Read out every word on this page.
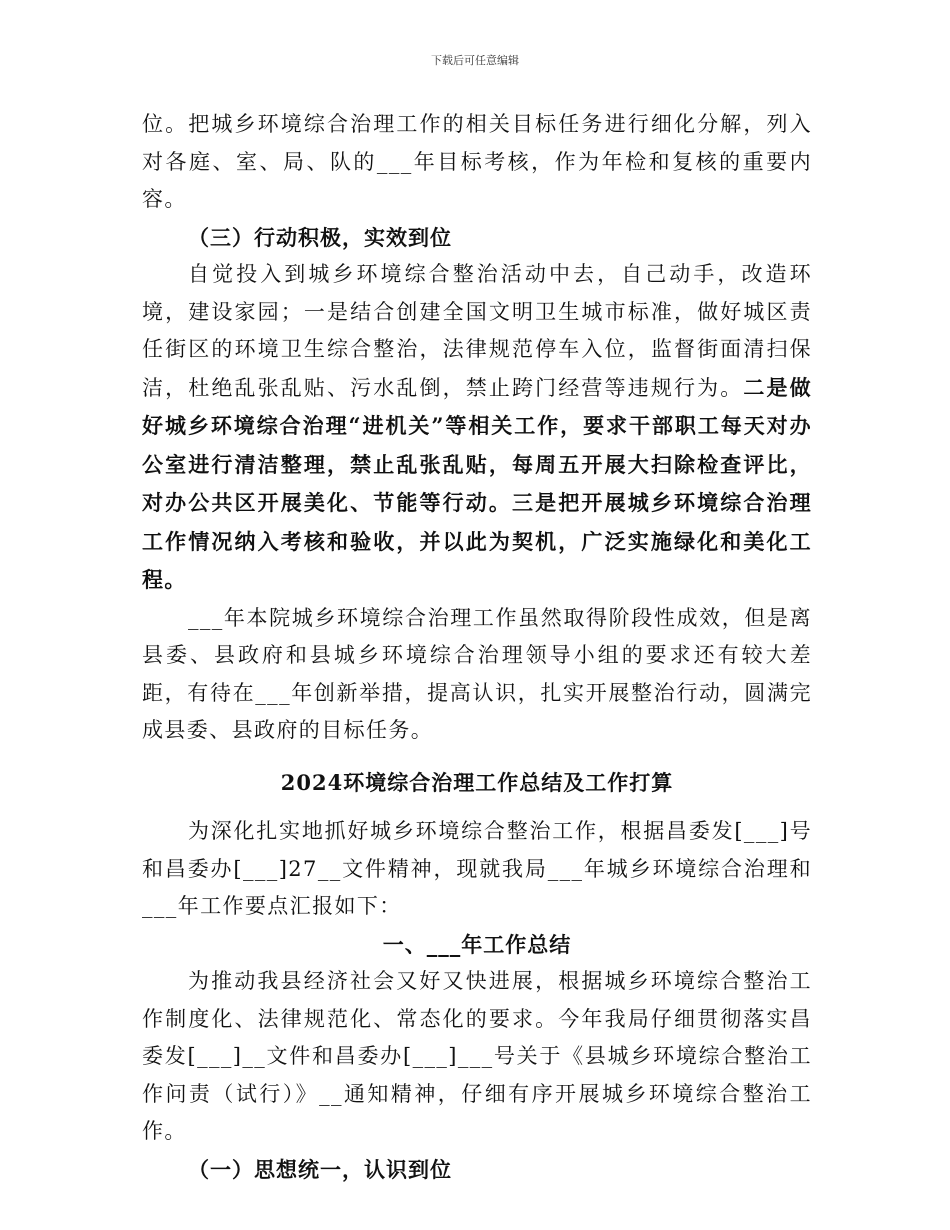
下载后可任意编辑

位。把城乡环境综合治理工作的相关目标任务进行细化分解，列入对各庭、室、局、队的___年目标考核，作为年检和复核的重要内容。

（三）行动积极，实效到位

自觉投入到城乡环境综合整治活动中去，自己动手，改造环境，建设家园；一是结合创建全国文明卫生城市标准，做好城区责任街区的环境卫生综合整治，法律规范停车入位，监督街面清扫保洁，杜绝乱张乱贴、污水乱倒，禁止跨门经营等违规行为。二是做好城乡环境综合治理“进机关”等相关工作，要求干部职工每天对办公室进行清洁整理，禁止乱张乱贴，每周五开展大扫除检查评比，对办公共区开展美化、节能等行动。三是把开展城乡环境综合治理工作情况纳入考核和验收，并以此为契机，广泛实施绿化和美化工程。

___年本院城乡环境综合治理工作虽然取得阶段性成效，但是离县委、县政府和县城乡环境综合治理领导小组的要求还有较大差距，有待在___年创新举措，提高认识，扎实开展整治行动，圆满完成县委、县政府的目标任务。

2024环境综合治理工作总结及工作打算

为深化扎实地抓好城乡环境综合整治工作，根据昌委发[___]号和昌委办[___]27__文件精神，现就我局___年城乡环境综合治理和___年工作要点汇报如下：

一、___年工作总结

为推动我县经济社会又好又快进展，根据城乡环境综合整治工作制度化、法律规范化、常态化的要求。今年我局仔细贯彻落实昌委发[___]__文件和昌委办[___]___号关于《县城乡环境综合整治工作问责（试行）》__通知精神，仔细有序开展城乡环境综合整治工作。

（一）思想统一，认识到位
